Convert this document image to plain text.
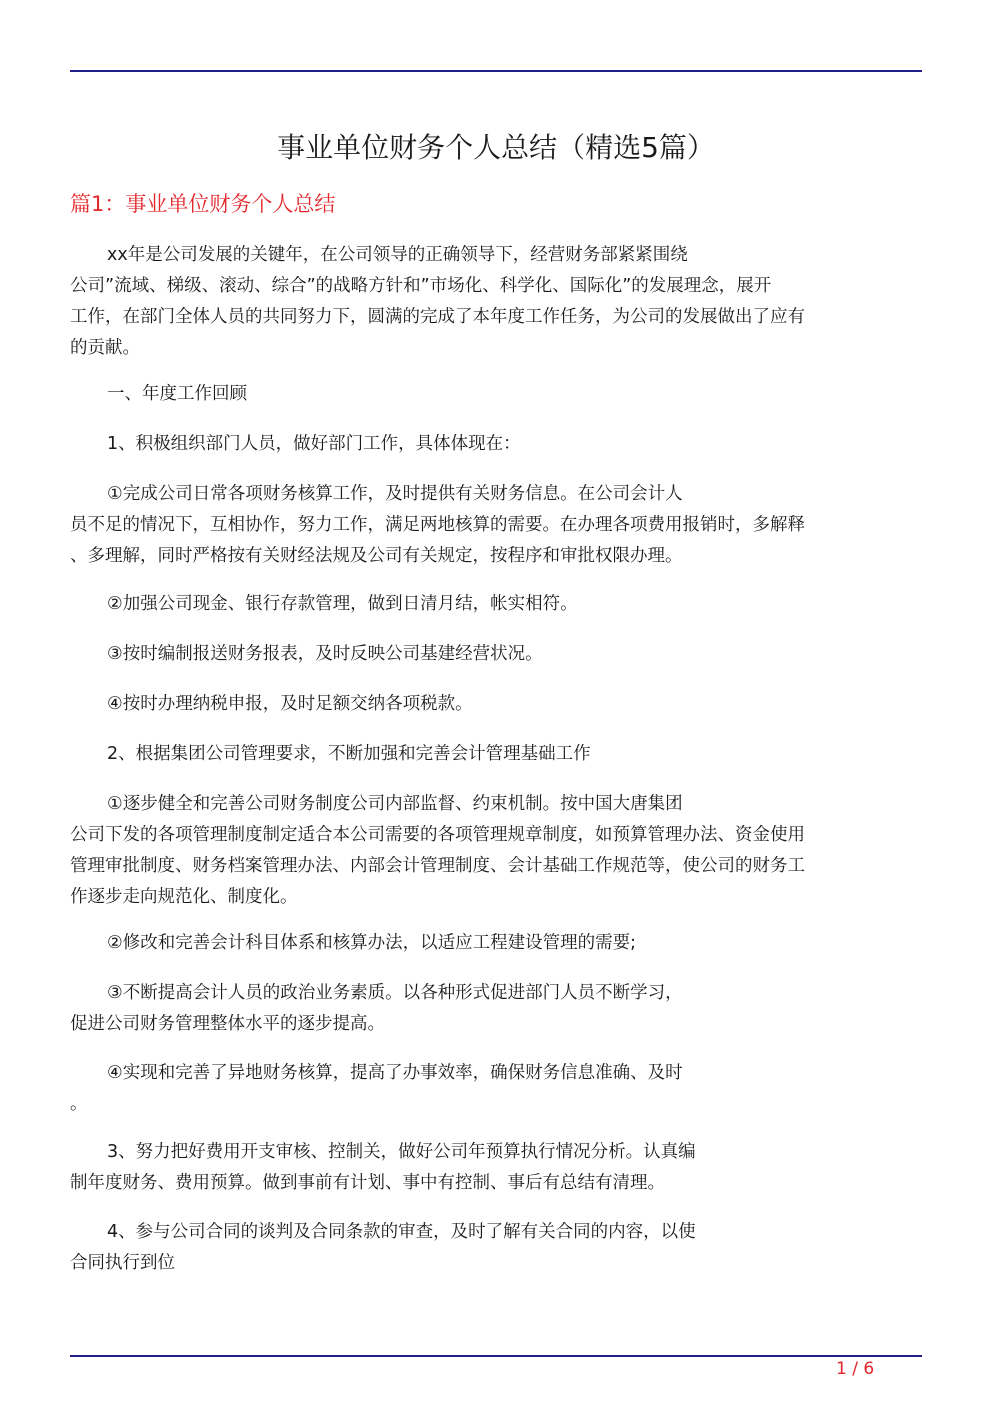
事业单位财务个人总结（精选5篇）
篇1：事业单位财务个人总结

xx年是公司发展的关键年，在公司领导的正确领导下，经营财务部紧紧围绕
公司”流域、梯级、滚动、综合”的战略方针和”市场化、科学化、国际化”的发展理念，展开
工作，在部门全体人员的共同努力下，圆满的完成了本年度工作任务，为公司的发展做出了应有
的贡献。

一、年度工作回顾

1、积极组织部门人员，做好部门工作，具体体现在：

①完成公司日常各项财务核算工作，及时提供有关财务信息。在公司会计人
员不足的情况下，互相协作，努力工作，满足两地核算的需要。在办理各项费用报销时，多解释
、多理解，同时严格按有关财经法规及公司有关规定，按程序和审批权限办理。

②加强公司现金、银行存款管理，做到日清月结，帐实相符。

③按时编制报送财务报表，及时反映公司基建经营状况。

④按时办理纳税申报，及时足额交纳各项税款。

2、根据集团公司管理要求，不断加强和完善会计管理基础工作

①逐步健全和完善公司财务制度公司内部监督、约束机制。按中国大唐集团
公司下发的各项管理制度制定适合本公司需要的各项管理规章制度，如预算管理办法、资金使用
管理审批制度、财务档案管理办法、内部会计管理制度、会计基础工作规范等，使公司的财务工
作逐步走向规范化、制度化。

②修改和完善会计科目体系和核算办法，以适应工程建设管理的需要;

③不断提高会计人员的政治业务素质。以各种形式促进部门人员不断学习，
促进公司财务管理整体水平的逐步提高。

④实现和完善了异地财务核算，提高了办事效率，确保财务信息准确、及时
。

3、努力把好费用开支审核、控制关，做好公司年预算执行情况分析。认真编
制年度财务、费用预算。做到事前有计划、事中有控制、事后有总结有清理。

4、参与公司合同的谈判及合同条款的审查，及时了解有关合同的内容，以使
合同执行到位

1 / 6
